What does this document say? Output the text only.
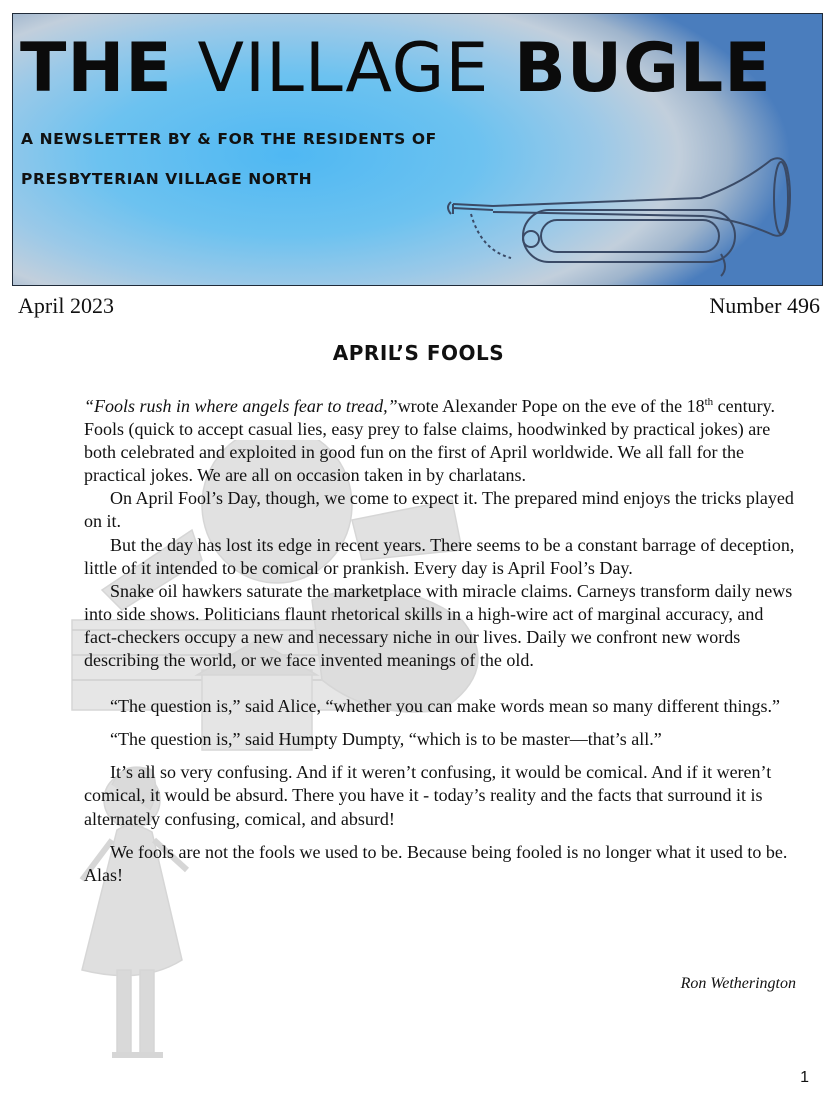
THE VILLAGE BUGLE

A NEWSLETTER BY & FOR THE RESIDENTS OF

PRESBYTERIAN VILLAGE NORTH

April 2023	Number 496

APRIL’S FOOLS

“Fools rush in where angels fear to tread,”wrote Alexander Pope on the eve of the 18th century. Fools (quick to accept casual lies, easy prey to false claims, hoodwinked by practical jokes) are both celebrated and exploited in good fun on the first of April worldwide. We all fall for the practical jokes. We are all on occasion taken in by charlatans.

On April Fool’s Day, though, we come to expect it. The prepared mind enjoys the tricks played on it.

But the day has lost its edge in recent years. There seems to be a constant barrage of deception, little of it intended to be comical or prankish. Every day is April Fool’s Day.

Snake oil hawkers saturate the marketplace with miracle claims. Carneys transform daily news into side shows. Politicians flaunt rhetorical skills in a high-wire act of marginal accuracy, and fact-checkers occupy a new and necessary niche in our lives. Daily we confront new words describing the world, or we face invented meanings of the old.

“The question is,” said Alice, “whether you can make words mean so many different things.”

“The question is,” said Humpty Dumpty, “which is to be master—that’s all.”

It’s all so very confusing. And if it weren’t confusing, it would be comical. And if it weren’t comical, it would be absurd. There you have it - today’s reality and the facts that surround it is alternately confusing, comical, and absurd!

We fools are not the fools we used to be. Because being fooled is no longer what it used to be. Alas!

Ron Wetherington

1
